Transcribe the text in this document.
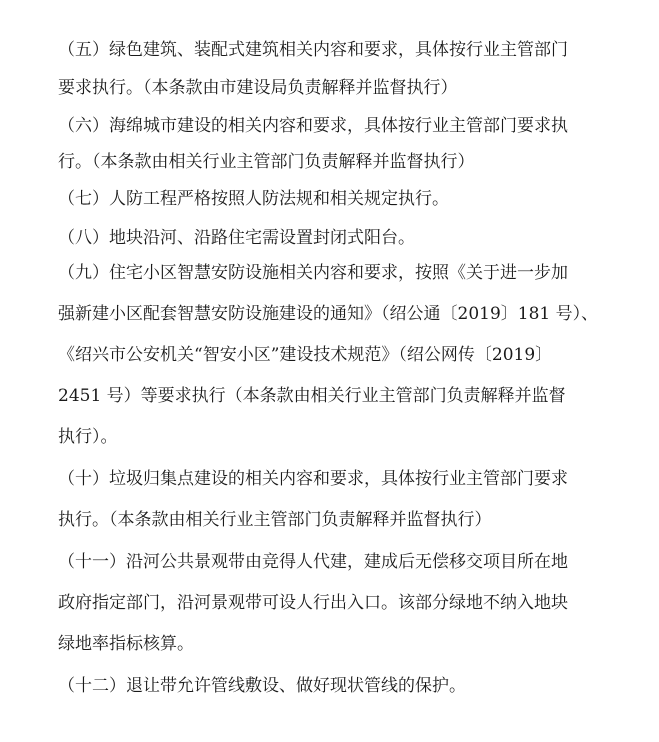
（五）绿色建筑、装配式建筑相关内容和要求，具体按行业主管部门
要求执行。（本条款由市建设局负责解释并监督执行）
（六）海绵城市建设的相关内容和要求，具体按行业主管部门要求执
行。（本条款由相关行业主管部门负责解释并监督执行）
（七）人防工程严格按照人防法规和相关规定执行。
（八）地块沿河、沿路住宅需设置封闭式阳台。
（九）住宅小区智慧安防设施相关内容和要求，按照《关于进一步加
强新建小区配套智慧安防设施建设的通知》（绍公通〔2019〕181 号）、
《绍兴市公安机关“智安小区”建设技术规范》（绍公网传〔2019〕
2451 号）等要求执行（本条款由相关行业主管部门负责解释并监督
执行）。
（十）垃圾归集点建设的相关内容和要求，具体按行业主管部门要求
执行。（本条款由相关行业主管部门负责解释并监督执行）
（十一）沿河公共景观带由竞得人代建，建成后无偿移交项目所在地
政府指定部门，沿河景观带可设人行出入口。该部分绿地不纳入地块
绿地率指标核算。
（十二）退让带允许管线敷设、做好现状管线的保护。
